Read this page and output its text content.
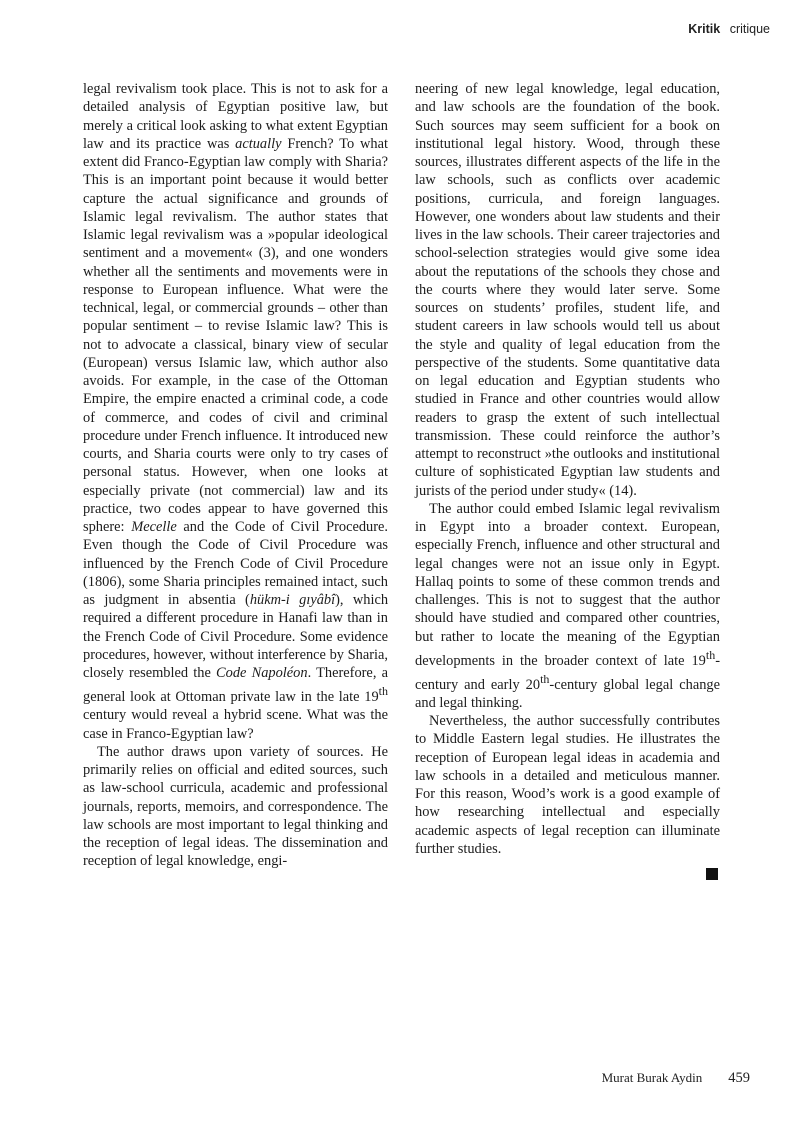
Kritik critique

legal revivalism took place. This is not to ask for a detailed analysis of Egyptian positive law, but merely a critical look asking to what extent Egyptian law and its practice was actually French? To what extent did Franco-Egyptian law comply with Sharia? This is an important point because it would better capture the actual significance and grounds of Islamic legal revivalism. The author states that Islamic legal revivalism was a »popular ideological sentiment and a movement« (3), and one wonders whether all the sentiments and movements were in response to European influence. What were the technical, legal, or commercial grounds – other than popular sentiment – to revise Islamic law? This is not to advocate a classical, binary view of secular (European) versus Islamic law, which author also avoids. For example, in the case of the Ottoman Empire, the empire enacted a criminal code, a code of commerce, and codes of civil and criminal procedure under French influence. It introduced new courts, and Sharia courts were only to try cases of personal status. However, when one looks at especially private (not commercial) law and its practice, two codes appear to have governed this sphere: Mecelle and the Code of Civil Procedure. Even though the Code of Civil Procedure was influenced by the French Code of Civil Procedure (1806), some Sharia principles remained intact, such as judgment in absentia (hükm-i gıyâbî), which required a different procedure in Hanafi law than in the French Code of Civil Procedure. Some evidence procedures, however, without interference by Sharia, closely resembled the Code Napoléon. Therefore, a general look at Ottoman private law in the late 19th century would reveal a hybrid scene. What was the case in Franco-Egyptian law?

The author draws upon variety of sources. He primarily relies on official and edited sources, such as law-school curricula, academic and professional journals, reports, memoirs, and correspondence. The law schools are most important to legal thinking and the reception of legal ideas. The dissemination and reception of legal knowledge, engi-

neering of new legal knowledge, legal education, and law schools are the foundation of the book. Such sources may seem sufficient for a book on institutional legal history. Wood, through these sources, illustrates different aspects of the life in the law schools, such as conflicts over academic positions, curricula, and foreign languages. However, one wonders about law students and their lives in the law schools. Their career trajectories and school-selection strategies would give some idea about the reputations of the schools they chose and the courts where they would later serve. Some sources on students’ profiles, student life, and student careers in law schools would tell us about the style and quality of legal education from the perspective of the students. Some quantitative data on legal education and Egyptian students who studied in France and other countries would allow readers to grasp the extent of such intellectual transmission. These could reinforce the author’s attempt to reconstruct »the outlooks and institutional culture of sophisticated Egyptian law students and jurists of the period under study« (14).

The author could embed Islamic legal revivalism in Egypt into a broader context. European, especially French, influence and other structural and legal changes were not an issue only in Egypt. Hallaq points to some of these common trends and challenges. This is not to suggest that the author should have studied and compared other countries, but rather to locate the meaning of the Egyptian developments in the broader context of late 19th-century and early 20th-century global legal change and legal thinking.

Nevertheless, the author successfully contributes to Middle Eastern legal studies. He illustrates the reception of European legal ideas in academia and law schools in a detailed and meticulous manner. For this reason, Wood’s work is a good example of how researching intellectual and especially academic aspects of legal reception can illuminate further studies.

Murat Burak Aydin 459
